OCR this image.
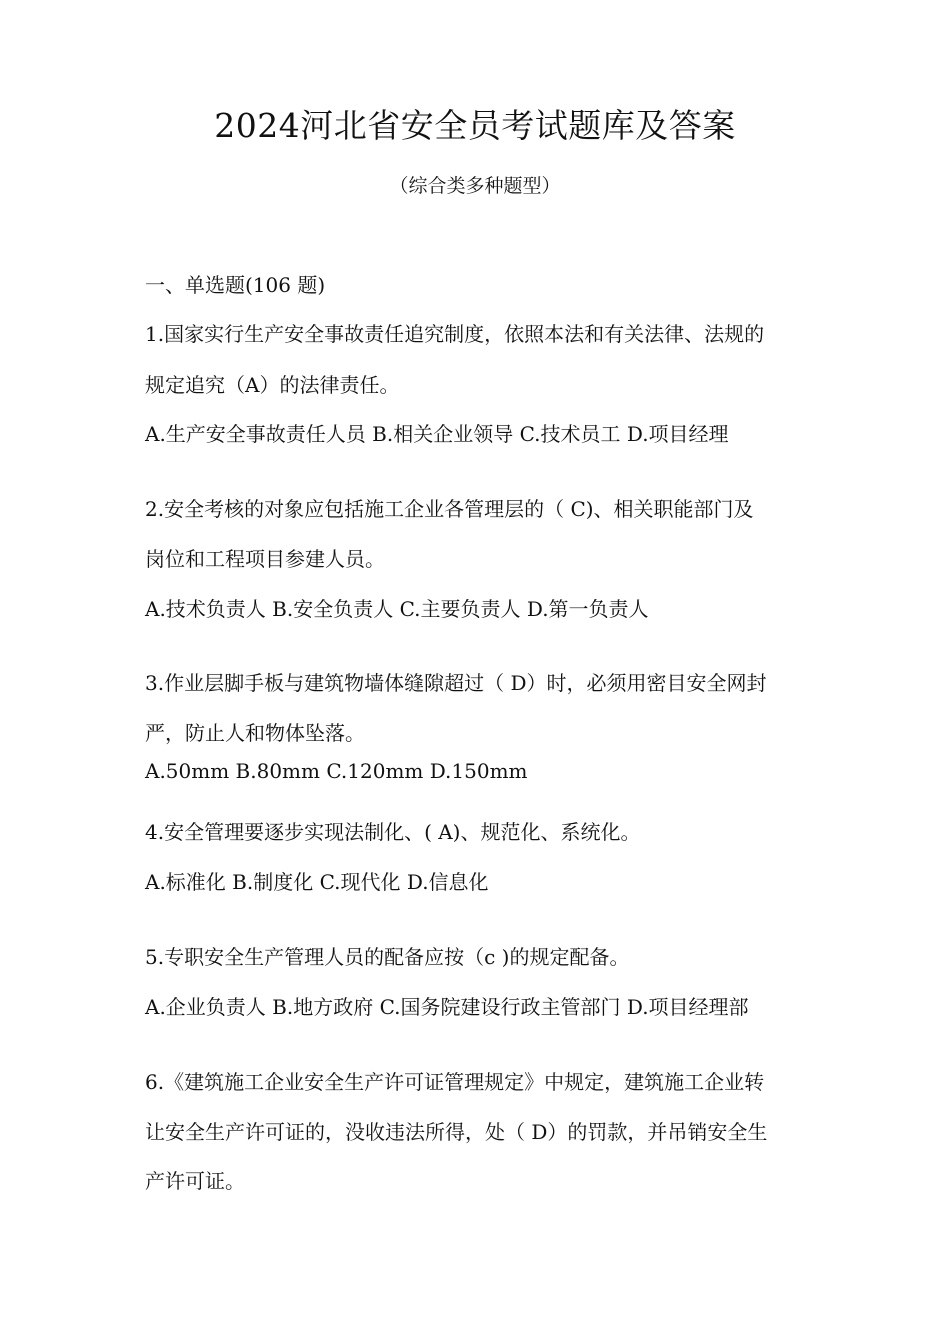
2024河北省安全员考试题库及答案
（综合类多种题型）
一、单选题(106 题)
1.国家实行生产安全事故责任追究制度，依照本法和有关法律、法规的
规定追究（A）的法律责任。
A.生产安全事故责任人员 B.相关企业领导 C.技术员工 D.项目经理
2.安全考核的对象应包括施工企业各管理层的（ C)、相关职能部门及
岗位和工程项目参建人员。
A.技术负责人 B.安全负责人 C.主要负责人 D.第一负责人
3.作业层脚手板与建筑物墙体缝隙超过（ D）时，必须用密目安全网封
严，防止人和物体坠落。
A.50mm B.80mm C.120mm D.150mm
4.安全管理要逐步实现法制化、( A)、规范化、系统化。
A.标准化 B.制度化 C.现代化 D.信息化
5.专职安全生产管理人员的配备应按（c )的规定配备。
A.企业负责人 B.地方政府 C.国务院建设行政主管部门 D.项目经理部
6.《建筑施工企业安全生产许可证管理规定》中规定，建筑施工企业转
让安全生产许可证的，没收违法所得，处（ D）的罚款，并吊销安全生
产许可证。
